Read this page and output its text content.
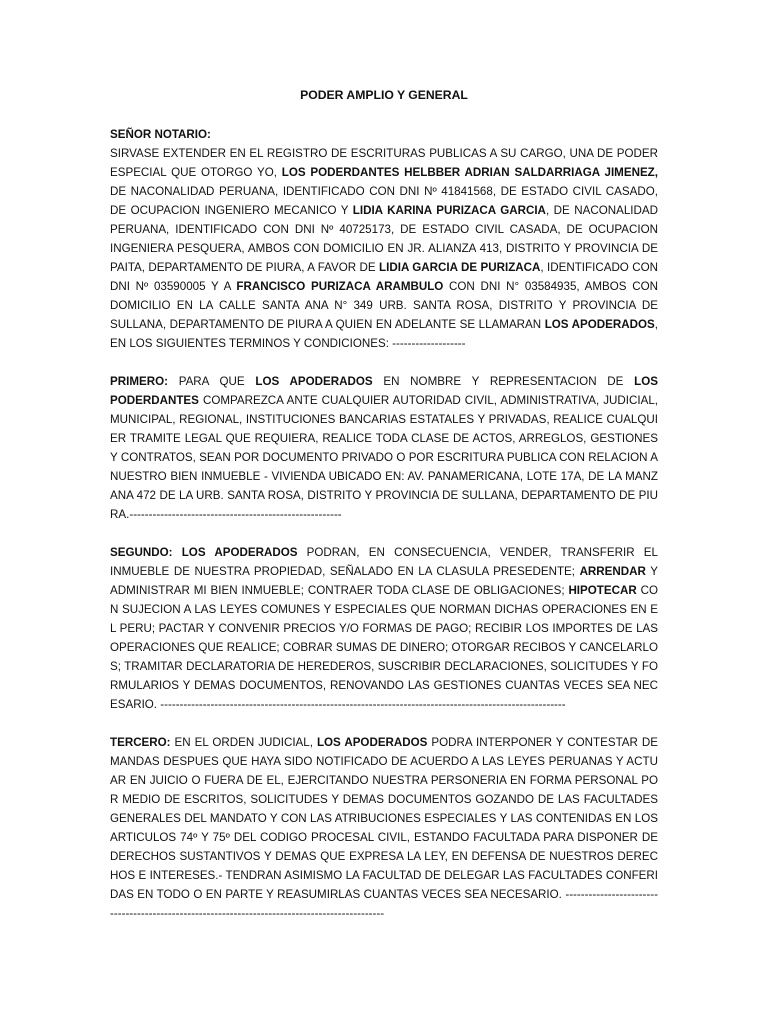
PODER AMPLIO Y GENERAL
SEÑOR NOTARIO:

SIRVASE EXTENDER EN EL REGISTRO DE ESCRITURAS PUBLICAS A SU CARGO, UNA DE PODER ESPECIAL QUE OTORGO YO, LOS PODERDANTES HELBBER ADRIAN SALDARRIAGA JIMENEZ, DE NACONALIDAD PERUANA, IDENTIFICADO CON DNI Nº 41841568, DE ESTADO CIVIL CASADO, DE OCUPACION INGENIERO MECANICO Y LIDIA KARINA PURIZACA GARCIA, DE NACONALIDAD PERUANA, IDENTIFICADO CON DNI Nº 40725173, DE ESTADO CIVIL CASADA, DE OCUPACION INGENIERA PESQUERA, AMBOS CON DOMICILIO EN JR. ALIANZA 413, DISTRITO Y PROVINCIA DE PAITA, DEPARTAMENTO DE PIURA, A FAVOR DE LIDIA GARCIA DE PURIZACA, IDENTIFICADO CON DNI Nº 03590005 Y A FRANCISCO PURIZACA ARAMBULO CON DNI N° 03584935, AMBOS CON DOMICILIO EN LA CALLE SANTA ANA N° 349 URB. SANTA ROSA, DISTRITO Y PROVINCIA DE SULLANA, DEPARTAMENTO DE PIURA A QUIEN EN ADELANTE SE LLAMARAN LOS APODERADOS, EN LOS SIGUIENTES TERMINOS Y CONDICIONES: -------------------

PRIMERO: PARA QUE LOS APODERADOS EN NOMBRE Y REPRESENTACION DE LOS PODERDANTES COMPAREZCA ANTE CUALQUIER AUTORIDAD CIVIL, ADMINISTRATIVA, JUDICIAL, MUNICIPAL, REGIONAL, INSTITUCIONES BANCARIAS ESTATALES Y PRIVADAS, REALICE CUALQUIER TRAMITE LEGAL QUE REQUIERA, REALICE TODA CLASE DE ACTOS, ARREGLOS, GESTIONES Y CONTRATOS, SEAN POR DOCUMENTO PRIVADO O POR ESCRITURA PUBLICA CON RELACION A NUESTRO BIEN INMUEBLE - VIVIENDA UBICADO EN: AV. PANAMERICANA, LOTE 17A, DE LA MANZANA 472 DE LA URB. SANTA ROSA, DISTRITO Y PROVINCIA DE SULLANA, DEPARTAMENTO DE PIURA.-------------------------------------------------------

SEGUNDO: LOS APODERADOS PODRAN, EN CONSECUENCIA, VENDER, TRANSFERIR EL INMUEBLE DE NUESTRA PROPIEDAD, SEÑALADO EN LA CLASULA PRESEDENTE; ARRENDAR Y ADMINISTRAR MI BIEN INMUEBLE; CONTRAER TODA CLASE DE OBLIGACIONES; HIPOTECAR CON SUJECION A LAS LEYES COMUNES Y ESPECIALES QUE NORMAN DICHAS OPERACIONES EN EL PERU; PACTAR Y CONVENIR PRECIOS Y/O FORMAS DE PAGO; RECIBIR LOS IMPORTES DE LAS OPERACIONES QUE REALICE; COBRAR SUMAS DE DINERO; OTORGAR RECIBOS Y CANCELARLOS; TRAMITAR DECLARATORIA DE HEREDEROS, SUSCRIBIR DECLARACIONES, SOLICITUDES Y FORMULARIOS Y DEMAS DOCUMENTOS, RENOVANDO LAS GESTIONES CUANTAS VECES SEA NECESARIO. ---------------------------------------------------------------------------------------------------------

TERCERO: EN EL ORDEN JUDICIAL, LOS APODERADOS PODRA INTERPONER Y CONTESTAR DEMANDAS DESPUES QUE HAYA SIDO NOTIFICADO DE ACUERDO A LAS LEYES PERUANAS Y ACTUAR EN JUICIO O FUERA DE EL, EJERCITANDO NUESTRA PERSONERIA EN FORMA PERSONAL POR MEDIO DE ESCRITOS, SOLICITUDES Y DEMAS DOCUMENTOS GOZANDO DE LAS FACULTADES GENERALES DEL MANDATO Y CON LAS ATRIBUCIONES ESPECIALES Y LAS CONTENIDAS EN LOS ARTICULOS 74º Y 75º DEL CODIGO PROCESAL CIVIL, ESTANDO FACULTADA PARA DISPONER DE DERECHOS SUSTANTIVOS Y DEMAS QUE EXPRESA LA LEY, EN DEFENSA DE NUESTROS DERECHOS E INTERESES.- TENDRAN ASIMISMO LA FACULTAD DE DELEGAR LAS FACULTADES CONFERIDAS EN TODO O EN PARTE Y REASUMIRLAS CUANTAS VECES SEA NECESARIO. -----------------------------------------------------------------------------------------------
